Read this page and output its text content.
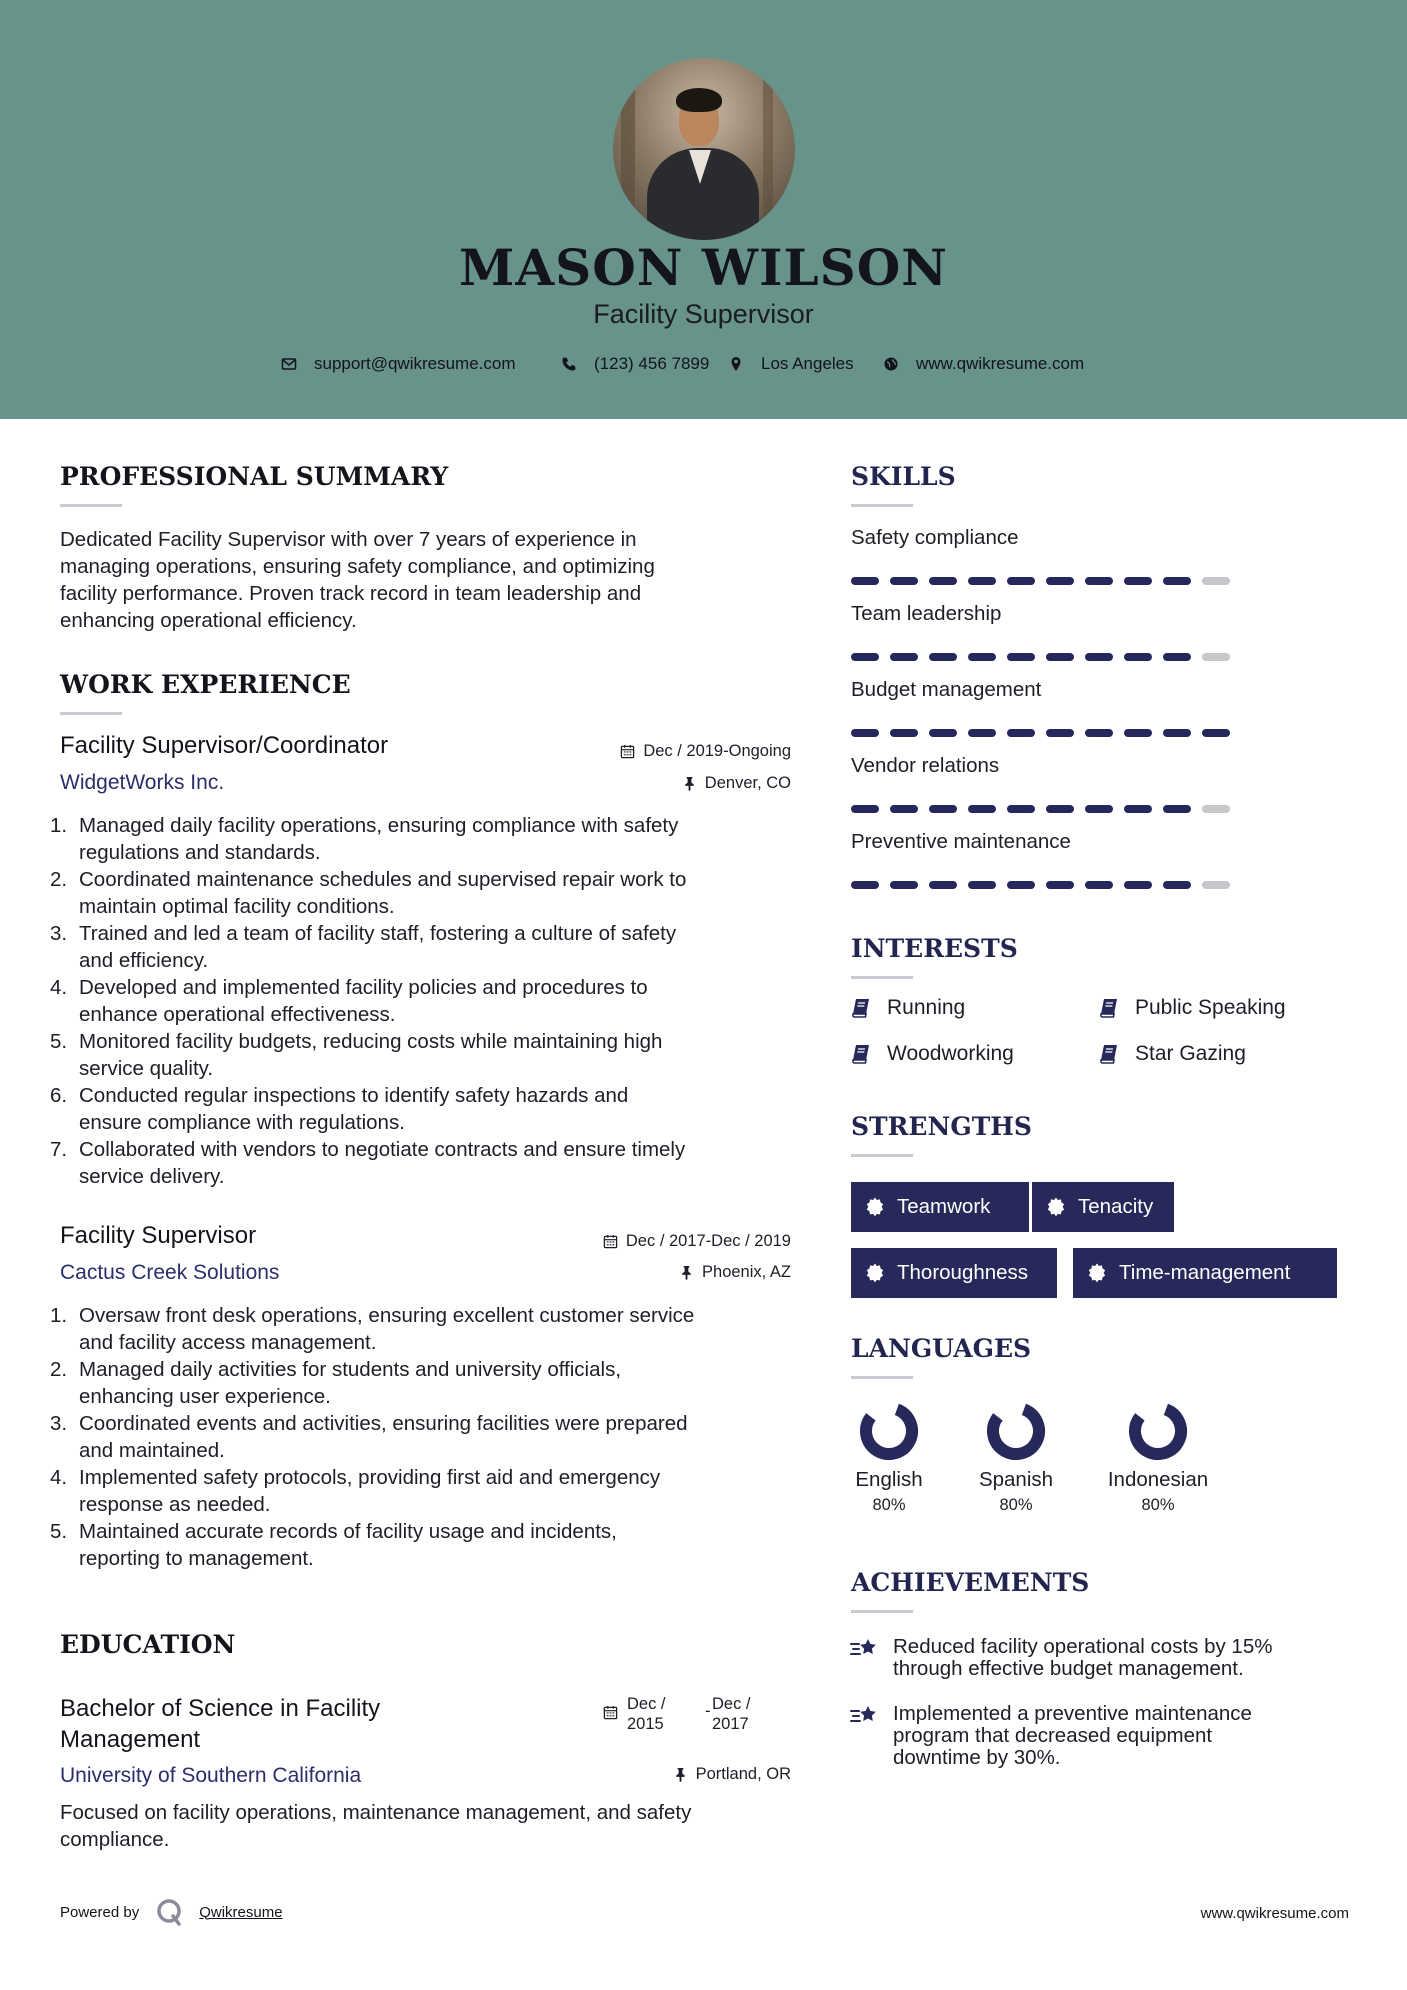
MASON WILSON
Facility Supervisor
support@qwikresume.com	(123) 456 7899	Los Angeles	www.qwikresume.com
PROFESSIONAL SUMMARY
Dedicated Facility Supervisor with over 7 years of experience in
managing operations, ensuring safety compliance, and optimizing
facility performance. Proven track record in team leadership and
enhancing operational efficiency.
WORK EXPERIENCE
Facility Supervisor/Coordinator
WidgetWorks Inc.
Dec / 2019-Ongoing
Denver, CO
Managed daily facility operations, ensuring compliance with safety
regulations and standards.
Coordinated maintenance schedules and supervised repair work to
maintain optimal facility conditions.
Trained and led a team of facility staff, fostering a culture of safety
and efficiency.
Developed and implemented facility policies and procedures to
enhance operational effectiveness.
Monitored facility budgets, reducing costs while maintaining high
service quality.
Conducted regular inspections to identify safety hazards and
ensure compliance with regulations.
Collaborated with vendors to negotiate contracts and ensure timely
service delivery.
Facility Supervisor
Cactus Creek Solutions
Dec / 2017-Dec / 2019
Phoenix, AZ
Oversaw front desk operations, ensuring excellent customer service
and facility access management.
Managed daily activities for students and university officials,
enhancing user experience.
Coordinated events and activities, ensuring facilities were prepared
and maintained.
Implemented safety protocols, providing first aid and emergency
response as needed.
Maintained accurate records of facility usage and incidents,
reporting to management.
EDUCATION
Bachelor of Science in Facility
Management
University of Southern California
Dec /
2015
- Dec /
2017
Portland, OR
Focused on facility operations, maintenance management, and safety
compliance.
SKILLS
Safety compliance
Team leadership
Budget management
Vendor relations
Preventive maintenance
INTERESTS
Running	Public Speaking
Woodworking	Star Gazing
STRENGTHS
Teamwork	Tenacity
Thoroughness	Time-management
LANGUAGES
English
80%
Spanish
80%
Indonesian
80%
ACHIEVEMENTS
Reduced facility operational costs by 15%
through effective budget management.
Implemented a preventive maintenance
program that decreased equipment
downtime by 30%.
Powered by	Qwikresume	www.qwikresume.com
